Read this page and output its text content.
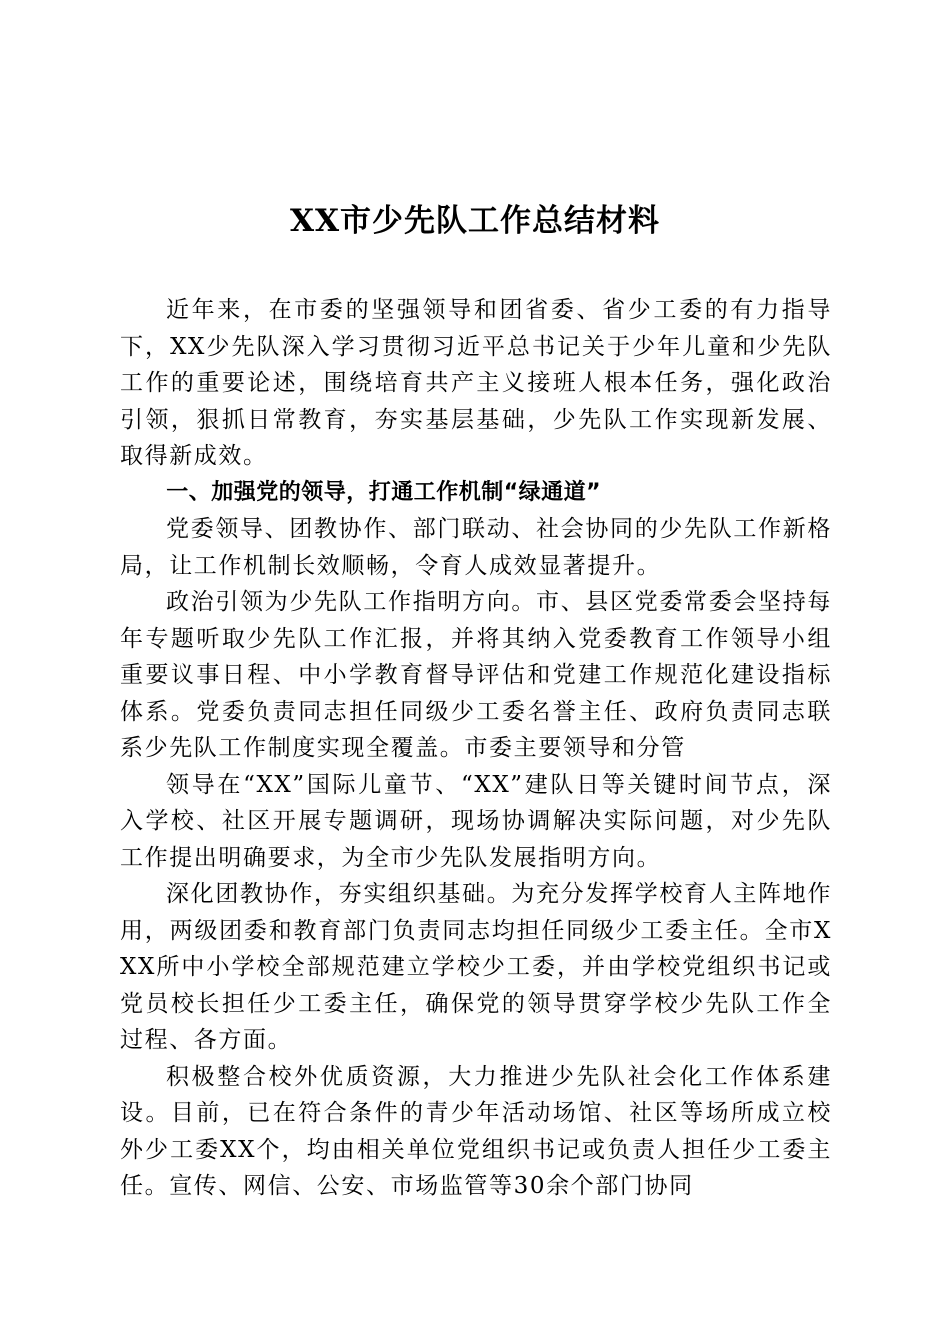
XX市少先队工作总结材料

近年来，在市委的坚强领导和团省委、省少工委的有力指导下，XX少先队深入学习贯彻习近平总书记关于少年儿童和少先队工作的重要论述，围绕培育共产主义接班人根本任务，强化政治引领，狠抓日常教育，夯实基层基础，少先队工作实现新发展、取得新成效。

一、加强党的领导，打通工作机制“绿通道”

党委领导、团教协作、部门联动、社会协同的少先队工作新格局，让工作机制长效顺畅，令育人成效显著提升。

政治引领为少先队工作指明方向。市、县区党委常委会坚持每年专题听取少先队工作汇报，并将其纳入党委教育工作领导小组重要议事日程、中小学教育督导评估和党建工作规范化建设指标体系。党委负责同志担任同级少工委名誉主任、政府负责同志联系少先队工作制度实现全覆盖。市委主要领导和分管

领导在“XX”国际儿童节、“XX”建队日等关键时间节点，深入学校、社区开展专题调研，现场协调解决实际问题，对少先队工作提出明确要求，为全市少先队发展指明方向。

深化团教协作，夯实组织基础。为充分发挥学校育人主阵地作用，两级团委和教育部门负责同志均担任同级少工委主任。全市XXX所中小学校全部规范建立学校少工委，并由学校党组织书记或党员校长担任少工委主任，确保党的领导贯穿学校少先队工作全过程、各方面。

积极整合校外优质资源，大力推进少先队社会化工作体系建设。目前，已在符合条件的青少年活动场馆、社区等场所成立校外少工委XX个，均由相关单位党组织书记或负责人担任少工委主任。宣传、网信、公安、市场监管等30余个部门协同
